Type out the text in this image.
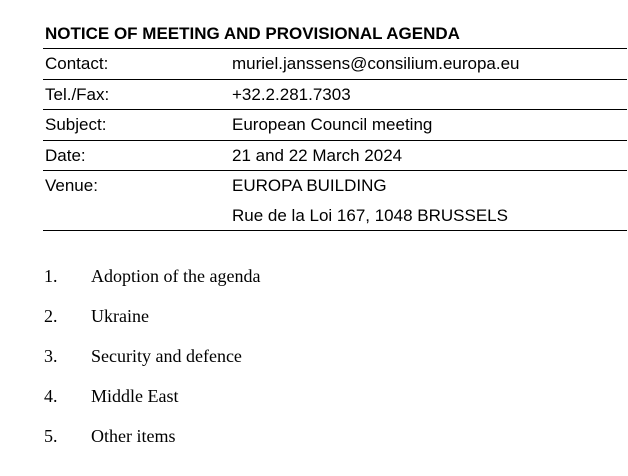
NOTICE OF MEETING AND PROVISIONAL AGENDA
Contact:	muriel.janssens@consilium.europa.eu
Tel./Fax:	+32.2.281.7303
Subject:	European Council meeting
Date:	21 and 22 March 2024
Venue:	EUROPA BUILDING
Rue de la Loi 167, 1048 BRUSSELS
1.	Adoption of the agenda
2.	Ukraine
3.	Security and defence
4.	Middle East
5.	Other items
